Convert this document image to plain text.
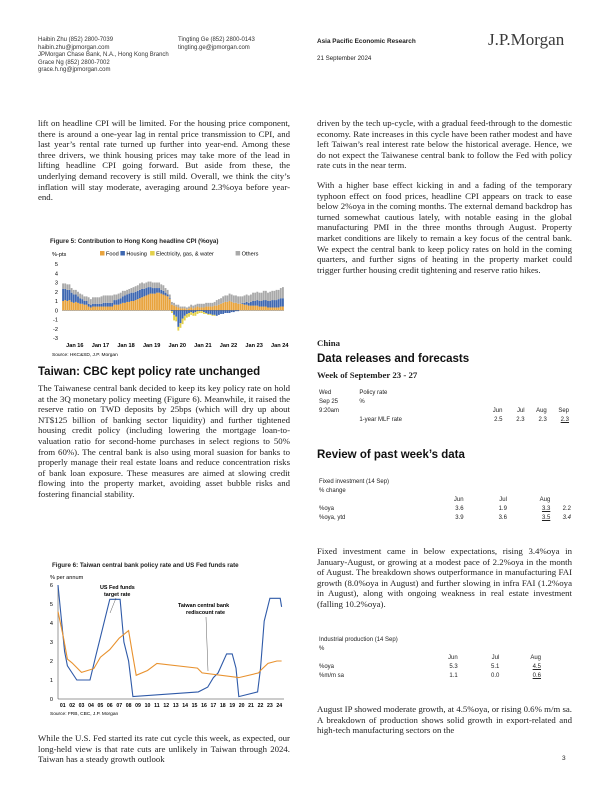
Haibin Zhu (852) 2800-7039
haibin.zhu@jpmorgan.com
JPMorgan Chase Bank, N.A., Hong Kong Branch
Grace Ng (852) 2800-7002
grace.h.ng@jpmorgan.com
Tingting Ge (852) 2800-0143
tingting.ge@jpmorgan.com
Asia Pacific Economic Research
21 September 2024
J.P.Morgan

lift on headline CPI will be limited. For the housing price component, there is around a one-year lag in rental price transmission to CPI, and last year’s rental rate turned up further into year-end. Among these three drivers, we think housing prices may take more of the lead in lifting headline CPI going forward. But aside from these, the underlying demand recovery is still mild. Overall, we think the city’s inflation will stay moderate, averaging around 2.3%oya before year-end.

Figure 5: Contribution to Hong Kong headline CPI (%oya)
%-pts	Food Housing Electricity, gas, & water	Others
5
4
3
2
1
0
-1
-2
-3
Jan 16 Jan 17 Jan 18 Jan 19 Jan 20 Jan 21 Jan 22 Jan 23 Jan 24
Source: HKC&SD, J.P. Morgan
Taiwan: CBC kept policy rate unchanged

The Taiwanese central bank decided to keep its key policy rate on hold at the 3Q monetary policy meeting (Figure 6). Meanwhile, it raised the reserve ratio on TWD deposits by 25bps (which will dry up about NT$125 billion of banking sector liquidity) and further tightened housing credit policy (including lowering the mortgage loan-to-valuation ratio for second-home purchases in select regions to 50% from 60%). The central bank is also using moral suasion for banks to properly manage their real estate loans and reduce concentration risks of bank loan exposure. These measures are aimed at slowing credit flowing into the property market, avoiding asset bubble risks and fostering financial stability.

Figure 6: Taiwan central bank policy rate and US Fed funds rate
% per annum
6
5
4
3
2
1
0
01 02 03 04 05 06 07 08 09 10 11 12 13 14 15 16 17 18 19 20 21 22 23 24
US Fed funds target rate
Taiwan central bank rediscount rate
Source: FRB, CBC, J.P. Morgan

While the U.S. Fed started its rate cut cycle this week, as expected, our long-held view is that rate cuts are unlikely in Taiwan through 2024. Taiwan has a steady growth outlook

driven by the tech up-cycle, with a gradual feed-through to the domestic economy. Rate increases in this cycle have been rather modest and have left Taiwan’s real interest rate below the historical average. Hence, we do not expect the Taiwanese central bank to follow the Fed with policy rate cuts in the near term.

With a higher base effect kicking in and a fading of the temporary typhoon effect on food prices, headline CPI appears on track to ease below 2%oya in the coming months. The external demand backdrop has turned somewhat cautious lately, with notable easing in the global manufacturing PMI in the three months through August. Property market conditions are likely to remain a key focus of the central bank. We expect the central bank to keep policy rates on hold in the coming quarters, and further signs of heating in the property market could trigger further housing credit tightening and reserve ratio hikes.

China
Data releases and forecasts
Week of September 23 - 27
Wed	Policy rate				
Sep 25	%				
9:20am		Jun	Jul	Aug	Sep
	1-year MLF rate	2.5	2.3	2.3	2.3
Review of past week’s data
Fixed investment (14 Sep)				
% change				
	Jun	Jul	Aug	
%oya	3.6	1.9	3.3	2.2
%oya, ytd	3.9	3.6	3.5	3.4

Fixed investment came in below expectations, rising 3.4%oya in January-August, or growing at a modest pace of 2.2%oya in the month of August. The breakdown shows outperformance in manufacturing FAI growth (8.0%oya in August) and further slowing in infra FAI (1.2%oya in August), along with ongoing weakness in real estate investment (falling 10.2%oya).

Industrial production (14 Sep)			
%			
	Jun	Jul	Aug
%oya	5.3	5.1	4.5
%m/m sa	1.1	0.0	0.6

August IP showed moderate growth, at 4.5%oya, or rising 0.6% m/m sa. A breakdown of production shows solid growth in export-related and high-tech manufacturing sectors on the

3
